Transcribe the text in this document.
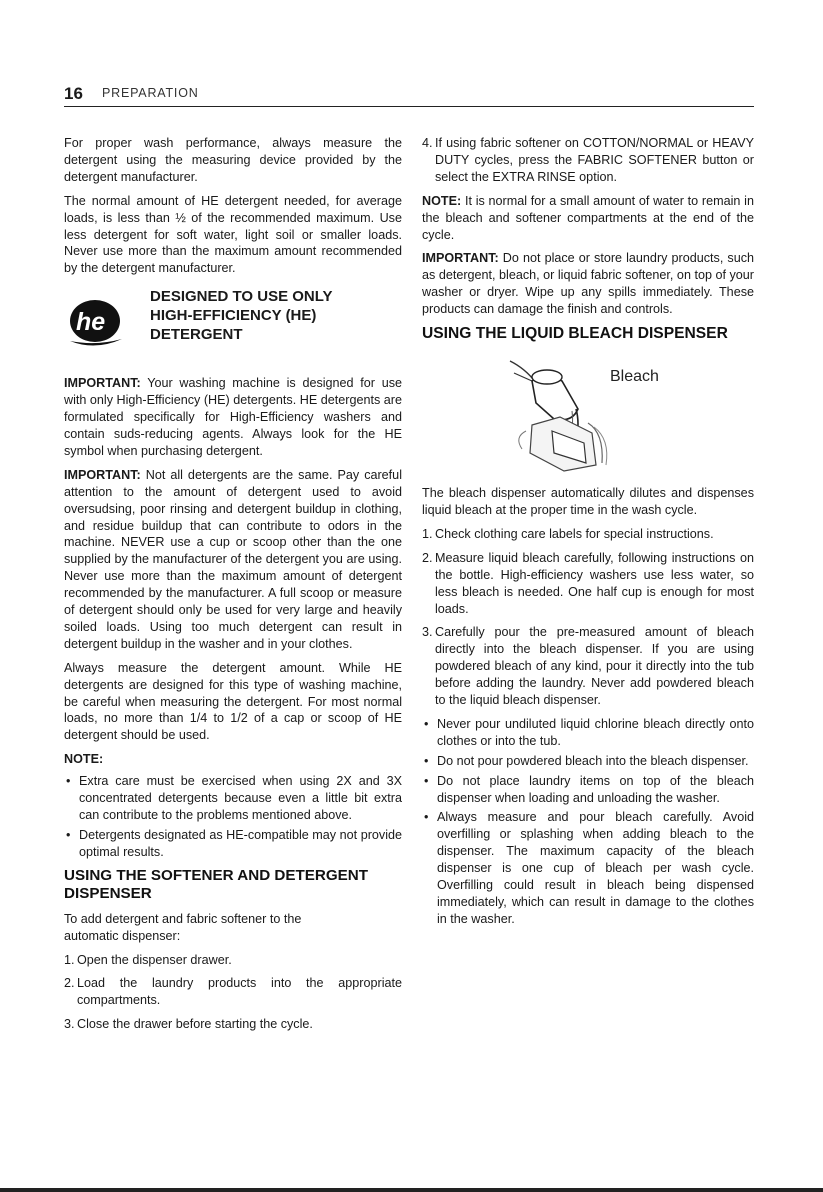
16 PREPARATION

For proper wash performance, always measure the detergent using the measuring device provided by the detergent manufacturer.

The normal amount of HE detergent needed, for average loads, is less than ½ of the recommended maximum. Use less detergent for soft water, light soil or smaller loads. Never use more than the maximum amount recommended by the detergent manufacturer.

he
DESIGNED TO USE ONLY
HIGH-EFFICIENCY (HE)
DETERGENT

IMPORTANT: Your washing machine is designed for use with only High-Efficiency (HE) detergents. HE detergents are formulated specifically for High-Efficiency washers and contain suds-reducing agents. Always look for the HE symbol when purchasing detergent.

IMPORTANT: Not all detergents are the same. Pay careful attention to the amount of detergent used to avoid oversudsing, poor rinsing and detergent buildup in clothing, and residue buildup that can contribute to odors in the machine. NEVER use a cup or scoop other than the one supplied by the manufacturer of the detergent you are using. Never use more than the maximum amount of detergent recommended by the manufacturer. A full scoop or measure of detergent should only be used for very large and heavily soiled loads. Using too much detergent can result in detergent buildup in the washer and in your clothes.

Always measure the detergent amount. While HE detergents are designed for this type of washing machine, be careful when measuring the detergent. For most normal loads, no more than 1/4 to 1/2 of a cap or scoop of HE detergent should be used.

NOTE:
• Extra care must be exercised when using 2X and 3X concentrated detergents because even a little bit extra can contribute to the problems mentioned above.
• Detergents designated as HE-compatible may not provide optimal results.
USING THE SOFTENER AND DETERGENT DISPENSER

To add detergent and fabric softener to the automatic dispenser:

1. Open the dispenser drawer.
2. Load the laundry products into the appropriate compartments.
3. Close the drawer before starting the cycle.
4. If using fabric softener on COTTON/NORMAL or HEAVY DUTY cycles, press the FABRIC SOFTENER button or select the EXTRA RINSE option.

NOTE: It is normal for a small amount of water to remain in the bleach and softener compartments at the end of the cycle.

IMPORTANT: Do not place or store laundry products, such as detergent, bleach, or liquid fabric softener, on top of your washer or dryer. Wipe up any spills immediately. These products can damage the finish and controls.

USING THE LIQUID BLEACH DISPENSER
Bleach

The bleach dispenser automatically dilutes and dispenses liquid bleach at the proper time in the wash cycle.

1. Check clothing care labels for special instructions.
2. Measure liquid bleach carefully, following instructions on the bottle. High-efficiency washers use less water, so less bleach is needed. One half cup is enough for most loads.
3. Carefully pour the pre-measured amount of bleach directly into the bleach dispenser. If you are using powdered bleach of any kind, pour it directly into the tub before adding the laundry. Never add powdered bleach to the liquid bleach dispenser.
• Never pour undiluted liquid chlorine bleach directly onto clothes or into the tub.
• Do not pour powdered bleach into the bleach dispenser.
• Do not place laundry items on top of the bleach dispenser when loading and unloading the washer.
• Always measure and pour bleach carefully. Avoid overfilling or splashing when adding bleach to the dispenser. The maximum capacity of the bleach dispenser is one cup of bleach per wash cycle. Overfilling could result in bleach being dispensed immediately, which can result in damage to the clothes in the washer.
